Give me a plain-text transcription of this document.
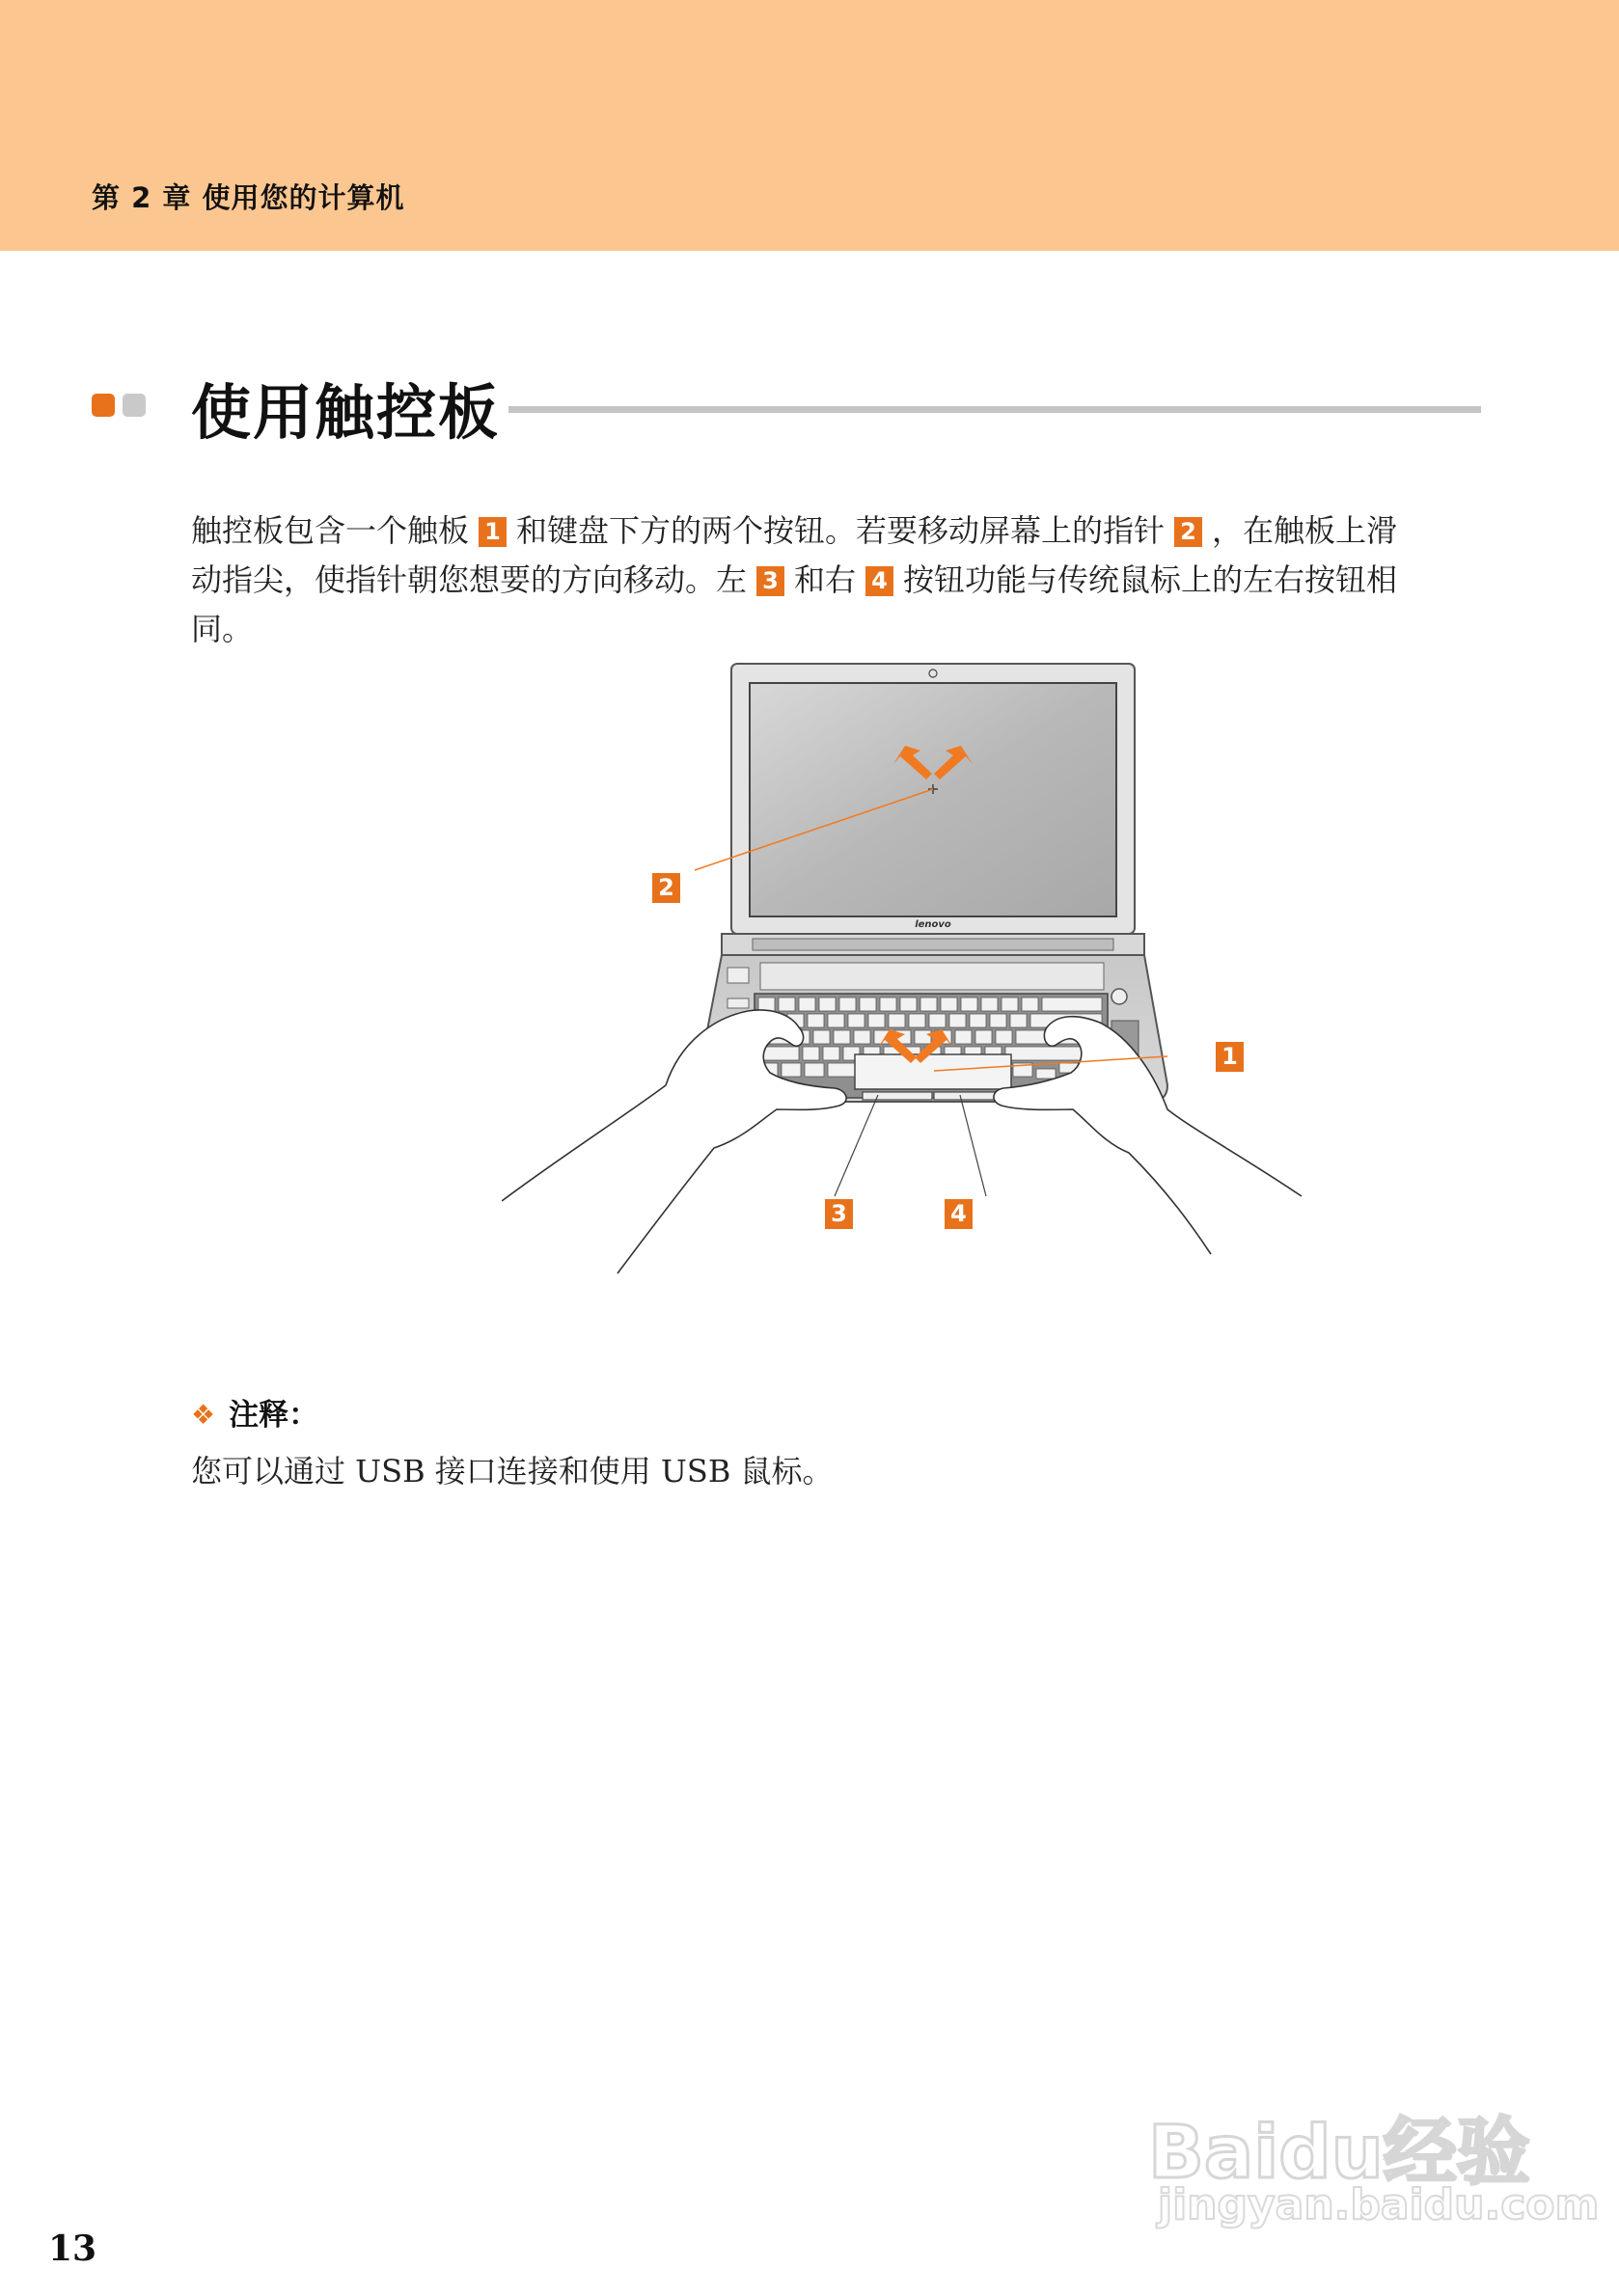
第 2 章 使用您的计算机
使用触控板
触控板包含一个触板 1 和键盘下方的两个按钮。若要移动屏幕上的指针 2 ，在触板上滑
动指尖，使指针朝您想要的方向移动。左 3 和右 4 按钮功能与传统鼠标上的左右按钮相
同。
lenovo
2
1
3	4
❖ 注释：
您可以通过 USB 接口连接和使用 USB 鼠标。
13
Baidu经验
jingyan.baidu.com
